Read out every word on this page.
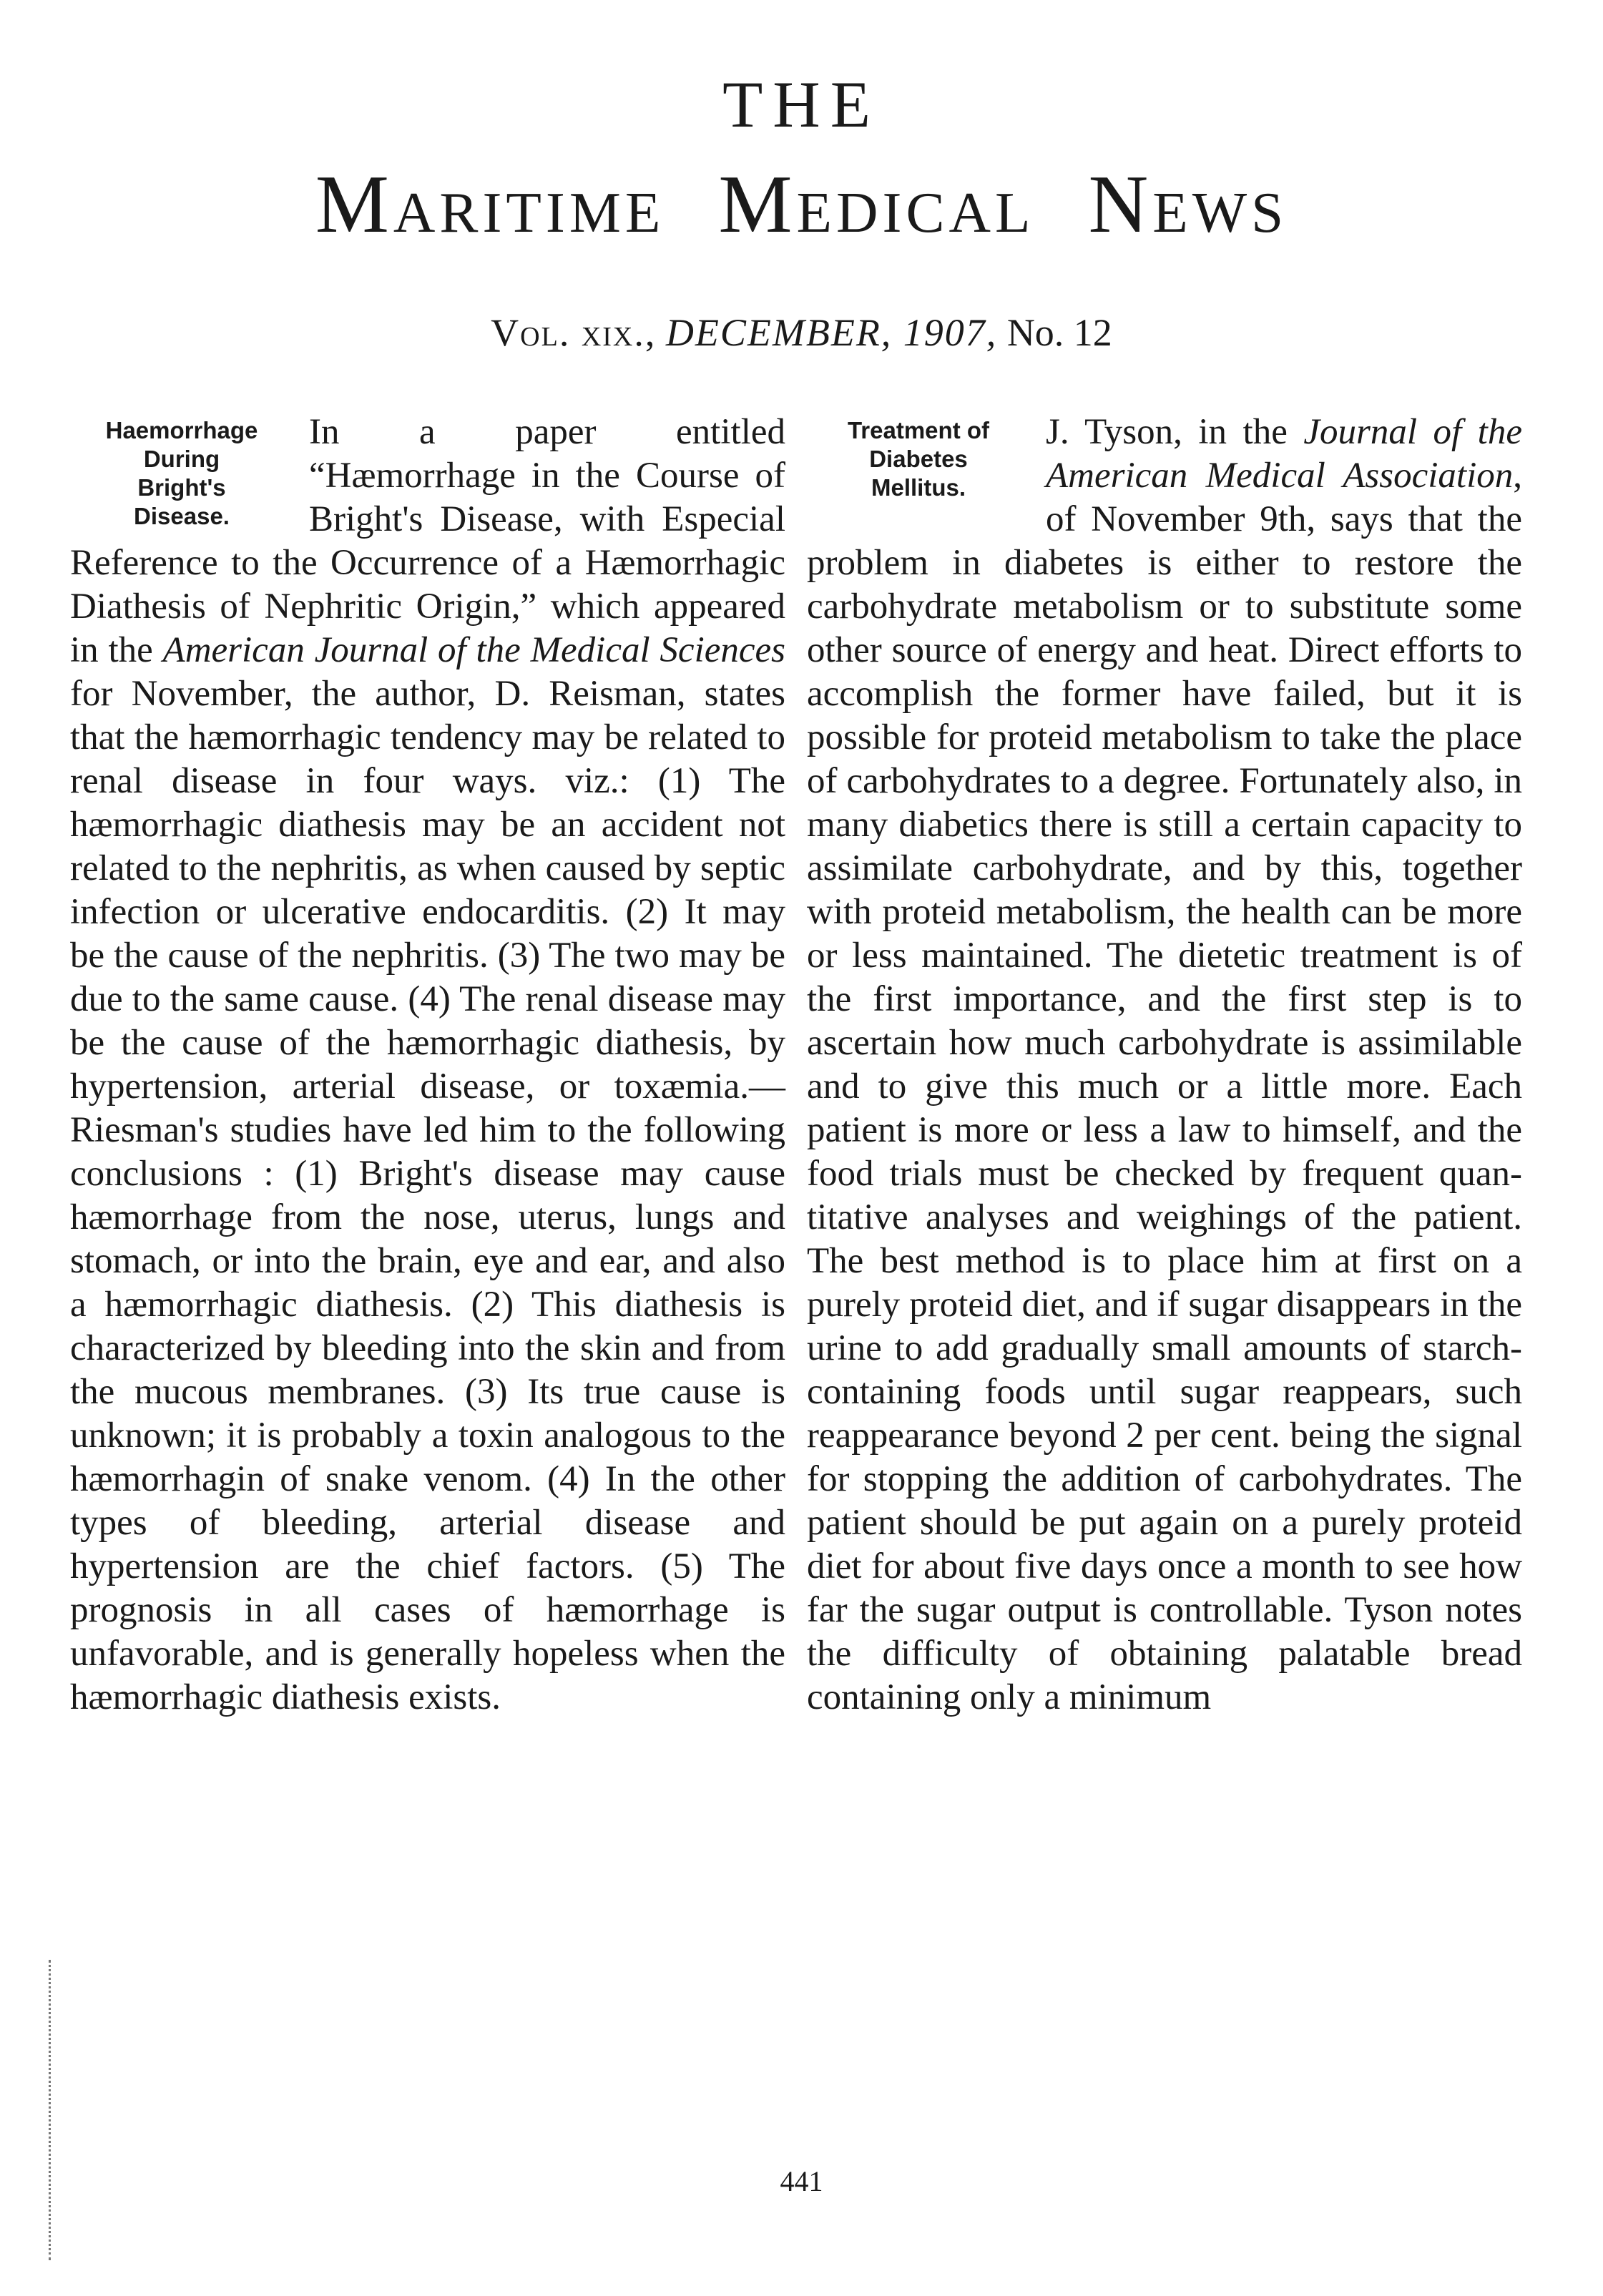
THE
Maritime Medical News
Vol. xix., DECEMBER, 1907, No. 12
Haemorrhage
During
Bright's
Disease.

In a paper entitled “Hæmorrhage in the Course of Bright's Disease, with Especial Reference to the Occurrence of a Hæmorrhagic Diathesis of Nephritic Origin,” which appeared in the American Journal of the Medical Sciences for November, the author, D. Reisman, states that the hæmorrhagic tendency may be related to renal disease in four ways. viz.: (1) The hæmorrhagic diathesis may be an accident not related to the nephritis, as when caused by septic infection or ulcerative endocarditis. (2) It may be the cause of the nephritis. (3) The two may be due to the same cause. (4) The renal disease may be the cause of the hæmorrhagic diathesis, by hypertension, arterial disease, or toxæmia.—Riesman's studies have led him to the following conclusions : (1) Bright's disease may cause hæmorrhage from the nose, uterus, lungs and stomach, or into the brain, eye and ear, and also a hæmorrhagic diathesis. (2) This diathesis is characterized by bleeding into the skin and from the mucous membranes. (3) Its true cause is unknown; it is probably a toxin analogous to the hæmorrhagin of snake venom. (4) In the other types of bleeding, arterial disease and hypertension are the chief factors. (5) The prognosis in all cases of hæmorrhage is unfavorable, and is generally hopeless when the hæmorrhagic diathesis exists.

Treatment of
Diabetes
Mellitus.

J. Tyson, in the Journal of the American Medical Association, of November 9th, says that the problem in diabetes is either to restore the carbohydrate metabolism or to substitute some other source of energy and heat. Direct efforts to accomplish the former have failed, but it is possible for proteid metabolism to take the place of carbohydrates to a degree. Fortunately also, in many diabetics there is still a certain capacity to assimilate carbohydrate, and by this, together with proteid metabolism, the health can be more or less maintained. The dietetic treatment is of the first importance, and the first step is to ascertain how much carbohydrate is assimilable and to give this much or a little more. Each patient is more or less a law to himself, and the food trials must be checked by frequent quantitative analyses and weighings of the patient. The best method is to place him at first on a purely proteid diet, and if sugar disappears in the urine to add gradually small amounts of starch-containing foods until sugar reappears, such reappearance beyond 2 per cent. being the signal for stopping the addition of carbohydrates. The patient should be put again on a purely proteid diet for about five days once a month to see how far the sugar output is controllable. Tyson notes the difficulty of obtaining palatable bread containing only a minimum

441
